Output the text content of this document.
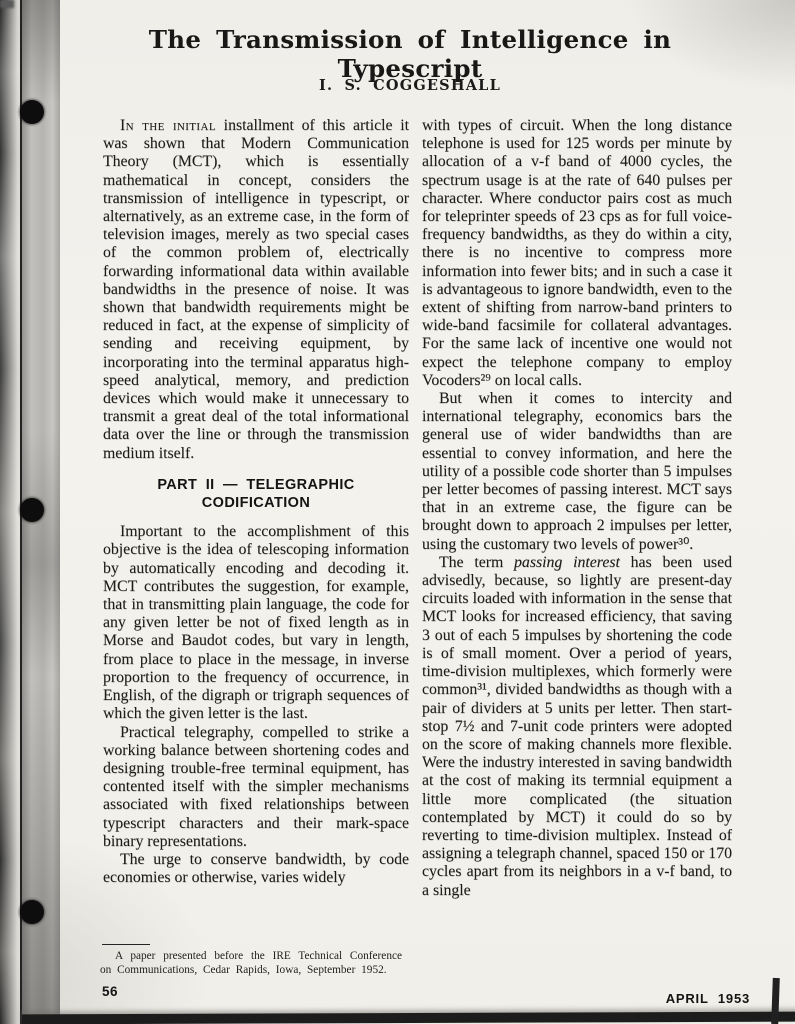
The Transmission of Intelligence in Typescript
I. S. COGGESHALL

In the initial installment of this article it was shown that Modern Communication Theory (MCT), which is essentially mathematical in concept, considers the transmission of intelligence in typescript, or alternatively, as an extreme case, in the form of television images, merely as two special cases of the common problem of, electrically forwarding informational data within available bandwidths in the presence of noise. It was shown that bandwidth requirements might be reduced in fact, at the expense of simplicity of sending and receiving equipment, by incorporating into the terminal apparatus high-speed analytical, memory, and prediction devices which would make it unnecessary to transmit a great deal of the total informational data over the line or through the transmission medium itself.

PART II — TELEGRAPHIC CODIFICATION

Important to the accomplishment of this objective is the idea of telescoping information by automatically encoding and decoding it. MCT contributes the suggestion, for example, that in transmitting plain language, the code for any given letter be not of fixed length as in Morse and Baudot codes, but vary in length, from place to place in the message, in inverse proportion to the frequency of occurrence, in English, of the digraph or trigraph sequences of which the given letter is the last.

Practical telegraphy, compelled to strike a working balance between shortening codes and designing trouble-free terminal equipment, has contented itself with the simpler mechanisms associated with fixed relationships between typescript characters and their mark-space binary representations.

The urge to conserve bandwidth, by code economies or otherwise, varies widely

with types of circuit. When the long distance telephone is used for 125 words per minute by allocation of a v-f band of 4000 cycles, the spectrum usage is at the rate of 640 pulses per character. Where conductor pairs cost as much for teleprinter speeds of 23 cps as for full voice-frequency bandwidths, as they do within a city, there is no incentive to compress more information into fewer bits; and in such a case it is advantageous to ignore bandwidth, even to the extent of shifting from narrow-band printers to wide-band facsimile for collateral advantages. For the same lack of incentive one would not expect the telephone company to employ Vocoders²⁹ on local calls.

But when it comes to intercity and international telegraphy, economics bars the general use of wider bandwidths than are essential to convey information, and here the utility of a possible code shorter than 5 impulses per letter becomes of passing interest. MCT says that in an extreme case, the figure can be brought down to approach 2 impulses per letter, using the customary two levels of power³⁰.

The term passing interest has been used advisedly, because, so lightly are present-day circuits loaded with information in the sense that MCT looks for increased efficiency, that saving 3 out of each 5 impulses by shortening the code is of small moment. Over a period of years, time-division multiplexes, which formerly were common³¹, divided bandwidths as though with a pair of dividers at 5 units per letter. Then start-stop 7½ and 7-unit code printers were adopted on the score of making channels more flexible. Were the industry interested in saving bandwidth at the cost of making its termnial equipment a little more complicated (the situation contemplated by MCT) it could do so by reverting to time-division multiplex. Instead of assigning a telegraph channel, spaced 150 or 170 cycles apart from its neighbors in a v-f band, to a single

A paper presented before the IRE Technical Conference on Communications, Cedar Rapids, Iowa, September 1952.

56	APRIL 1953
